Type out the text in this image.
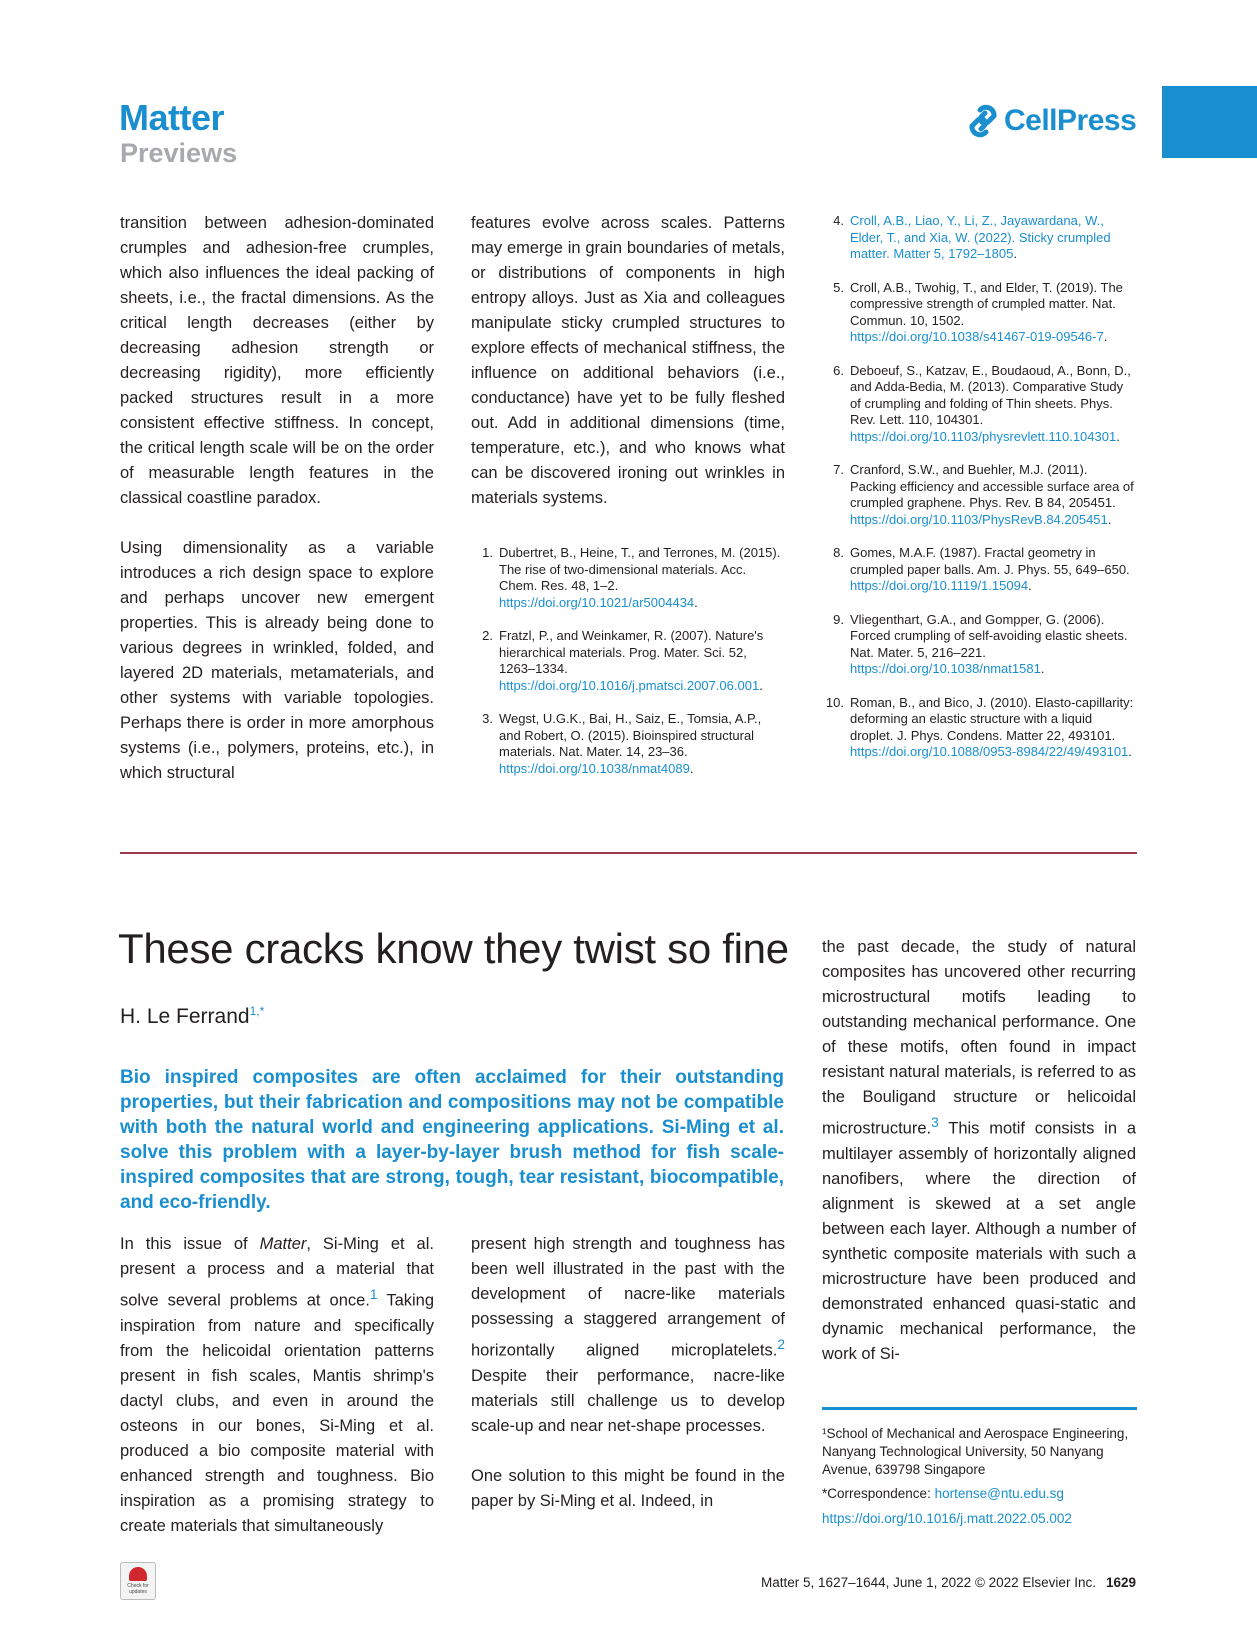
Matter
Previews
CellPress

transition between adhesion-dominated crumples and adhesion-free crumples, which also influences the ideal packing of sheets, i.e., the fractal dimensions. As the critical length decreases (either by decreasing adhesion strength or decreasing rigidity), more efficiently packed structures result in a more consistent effective stiffness. In concept, the critical length scale will be on the order of measurable length features in the classical coastline paradox.

Using dimensionality as a variable introduces a rich design space to explore and perhaps uncover new emergent properties. This is already being done to various degrees in wrinkled, folded, and layered 2D materials, metamaterials, and other systems with variable topologies. Perhaps there is order in more amorphous systems (i.e., polymers, proteins, etc.), in which structural

features evolve across scales. Patterns may emerge in grain boundaries of metals, or distributions of components in high entropy alloys. Just as Xia and colleagues manipulate sticky crumpled structures to explore effects of mechanical stiffness, the influence on additional behaviors (i.e., conductance) have yet to be fully fleshed out. Add in additional dimensions (time, temperature, etc.), and who knows what can be discovered ironing out wrinkles in materials systems.

1. Dubertret, B., Heine, T., and Terrones, M. (2015). The rise of two-dimensional materials. Acc. Chem. Res. 48, 1–2. https://doi.org/10.1021/ar5004434.
2. Fratzl, P., and Weinkamer, R. (2007). Nature's hierarchical materials. Prog. Mater. Sci. 52, 1263–1334. https://doi.org/10.1016/j.pmatsci.2007.06.001.
3. Wegst, U.G.K., Bai, H., Saiz, E., Tomsia, A.P., and Robert, O. (2015). Bioinspired structural materials. Nat. Mater. 14, 23–36. https://doi.org/10.1038/nmat4089.
4. Croll, A.B., Liao, Y., Li, Z., Jayawardana, W., Elder, T., and Xia, W. (2022). Sticky crumpled matter. Matter 5, 1792–1805.
5. Croll, A.B., Twohig, T., and Elder, T. (2019). The compressive strength of crumpled matter. Nat. Commun. 10, 1502. https://doi.org/10.1038/s41467-019-09546-7.
6. Deboeuf, S., Katzav, E., Boudaoud, A., Bonn, D., and Adda-Bedia, M. (2013). Comparative Study of crumpling and folding of Thin sheets. Phys. Rev. Lett. 110, 104301. https://doi.org/10.1103/physrevlett.110.104301.
7. Cranford, S.W., and Buehler, M.J. (2011). Packing efficiency and accessible surface area of crumpled graphene. Phys. Rev. B 84, 205451. https://doi.org/10.1103/PhysRevB.84.205451.
8. Gomes, M.A.F. (1987). Fractal geometry in crumpled paper balls. Am. J. Phys. 55, 649–650. https://doi.org/10.1119/1.15094.
9. Vliegenthart, G.A., and Gompper, G. (2006). Forced crumpling of self-avoiding elastic sheets. Nat. Mater. 5, 216–221. https://doi.org/10.1038/nmat1581.
10. Roman, B., and Bico, J. (2010). Elasto-capillarity: deforming an elastic structure with a liquid droplet. J. Phys. Condens. Matter 22, 493101. https://doi.org/10.1088/0953-8984/22/49/493101.
These cracks know they twist so fine
H. Le Ferrand$^{1,*}$

Bio inspired composites are often acclaimed for their outstanding properties, but their fabrication and compositions may not be compatible with both the natural world and engineering applications. Si-Ming et al. solve this problem with a layer-by-layer brush method for fish scale-inspired composites that are strong, tough, tear resistant, biocompatible, and eco-friendly.

In this issue of Matter, Si-Ming et al. present a process and a material that solve several problems at once.$^1$ Taking inspiration from nature and specifically from the helicoidal orientation patterns present in fish scales, Mantis shrimp's dactyl clubs, and even in around the osteons in our bones, Si-Ming et al. produced a bio composite material with enhanced strength and toughness. Bio inspiration as a promising strategy to create materials that simultaneously

present high strength and toughness has been well illustrated in the past with the development of nacre-like materials possessing a staggered arrangement of horizontally aligned microplatelets.$^2$ Despite their performance, nacre-like materials still challenge us to develop scale-up and near net-shape processes.

One solution to this might be found in the paper by Si-Ming et al. Indeed, in

the past decade, the study of natural composites has uncovered other recurring microstructural motifs leading to outstanding mechanical performance. One of these motifs, often found in impact resistant natural materials, is referred to as the Bouligand structure or helicoidal microstructure.$^3$ This motif consists in a multilayer assembly of horizontally aligned nanofibers, where the direction of alignment is skewed at a set angle between each layer. Although a number of synthetic composite materials with such a microstructure have been produced and demonstrated enhanced quasi-static and dynamic mechanical performance, the work of Si-

¹School of Mechanical and Aerospace Engineering, Nanyang Technological University, 50 Nanyang Avenue, 639798 Singapore
*Correspondence: hortense@ntu.edu.sg
https://doi.org/10.1016/j.matt.2022.05.002
Check for updates
Matter 5, 1627–1644, June 1, 2022 © 2022 Elsevier Inc. 1629
